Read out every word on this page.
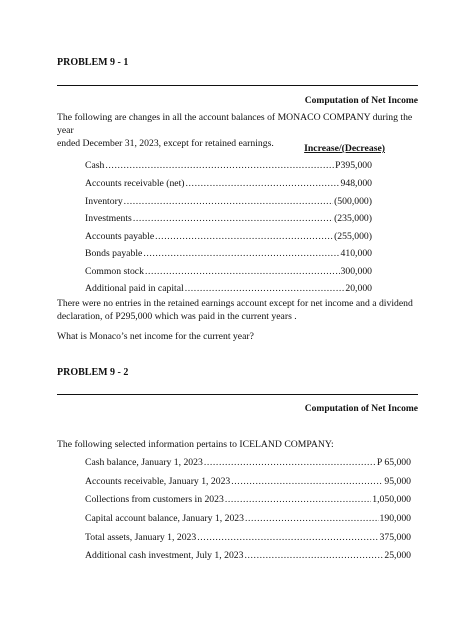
PROBLEM 9 - 1
Computation of Net Income
The following are changes in all the account balances of MONACO COMPANY during the year
ended December 31, 2023, except for retained earnings.	Increase/(Decrease)
Cash .....	P395,000
Accounts receivable (net) .....	948,000
Inventory .....	(500,000)
Investments .....	(235,000)
Accounts payable .....	(255,000)
Bonds payable .....	410,000
Common stock .....	300,000
Additional paid in capital .....	20,000
There were no entries in the retained earnings account except for net income and a dividend
declaration, of P295,000 which was paid in the current years .
What is Monaco’s net income for the current year?
PROBLEM 9 - 2
Computation of Net Income
The following selected information pertains to ICELAND COMPANY:
Cash balance, January 1, 2023 .....	P 65,000
Accounts receivable, January 1, 2023 .....	95,000
Collections from customers in 2023 .....	1,050,000
Capital account balance, January 1, 2023 .....	190,000
Total assets, January 1, 2023 .....	375,000
Additional cash investment, July 1, 2023 .....	25,000
